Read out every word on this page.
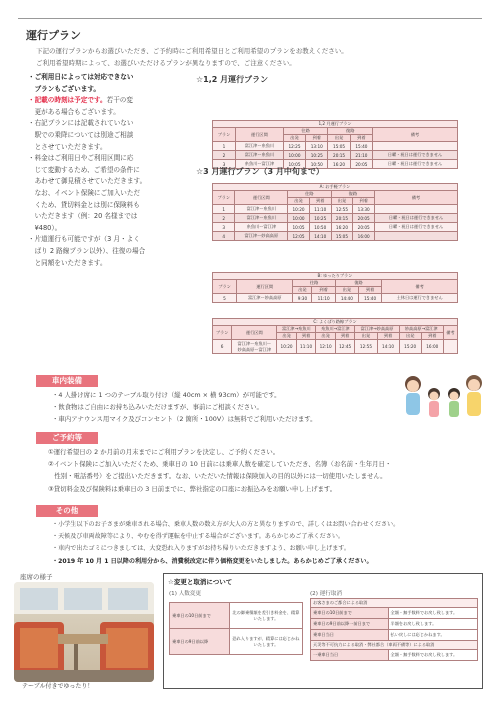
運行プラン
下記の運行プランからお選びいただき、ご予約時にご利用希望日とご利用希望のプランをお教えください。
ご利用希望時期によって、お選びいただけるプランが異なりますので、ご注意ください。

・ご利用日によっては対応できない

　プランもございます。

・記載の時刻は予定です。若干の変

　更がある場合もございます。

・右記プランには記載されていない

　駅での乗降については別途ご相談

　とさせていただきます。

・料金はご利用日やご利用区間に応

　じて変動するため、ご希望の条件に

　あわせて御見積させていただきます。

　なお、イベント保険にご加入いただ

　くため、貸切料金とは別に保険料も

　いただきます（例：20 名様までは

　¥480）。

・片道運行も可能ですが（3 月・よく

　ばり 2 路線プラン以外）、往復の場合

　と同額をいただきます。

☆1,2 月運行プラン
1,2 月運行プラン						
プラン	運行区間	往路		復路		備考
		出発	到着	出発	到着	
1	富江津ー糸魚川	12:25	13:10	15:05	15:40	
2	富江津ー糸魚川	10:00	10:25	20:15	21:10	日曜・祝日は運行できません
3	糸魚川ー富江津	10:05	10:50	16:20	20:05	日曜・祝日は運行できません
☆3 月運行プラン（3 月中旬まで）
A: お手軽プラン						
プラン	運行区間	往路		復路		備考
		出発	到着	出発	到着	
1	富江津ー糸魚川	10:20	11:10	12:55	13:30	
2	富江津ー糸魚川	10:00	10:25	20:15	20:05	日曜・祝日は運行できません
3	糸魚川ー富江津	10:05	10:50	16:20	20:05	日曜・祝日は運行できません
4	富江津ー妙高高原	12:05	14:10	15:05	16:00	
B: ゆったりプラン						
プラン	運行区間	往路		復路		備考
		出発	到着	出発	到着	
5	富江津ー妙高高原	9:30	11:10	14:40	15:40	土休日は運行できません
C: よくばり路線プラン										
プラン	運行区間	富江津→糸魚川		糸魚川→富江津		富江津→妙高高原		妙高高原→富江津		備考
		出発	到着	出発	到着	出発	到着	出発	到着	
6	富江津ー糸魚川ー
妙高高原ー富江津	10:20	11:10	12:10	12:45	12:55	14:10	15:20	16:00	
車内装備
・4 人掛け席に 1 つのテーブル取り付け（縦 40cm × 横 93cm）が可能です。
・飲食物はご自由にお持ち込みいただけますが、事前にご相談ください。
・車内アナウンス用マイク及びコンセント（2 箇所・100V）は無料でご利用いただけます。
ご予約等
①運行希望日の 2 か月前の月末までにご利用プランを決定し、ご予約ください。
②イベント保険にご加入いただくため、乗車日の 10 日前には乗車人数を確定していただき、名簿（お名前・生年月日・
　性別・電話番号）をご提出いただきます。なお、いただいた情報は保険加入の目的以外には一切使用いたしません。
③貸切料金及び保険料は乗車日の 3 日前までに、弊社指定の口座にお振込みをお願い申し上げます。
その他
・小学生以下のお子さまが乗車される場合、乗車人数の数え方が大人の方と異なりますので、詳しくはお問い合わせください。
・天候及び車両故障等により、やむを得ず運転を中止する場合がございます。あらかじめご了承ください。
・車内で出たゴミにつきましては、大変恐れ入りますがお持ち帰りいただきますよう、お願い申し上げます。
・2019 年 10 月 1 日以降の利用分から、消費税改定に伴う価格変更をいたしました。あらかじめご了承ください。
座席の様子
テーブル付きでゆったり！
☆変更と取消について
(1) 人数変更	(2) 運行取消
乗車日の10日前まで	北の御乗積額を差引き料金を、精算いたします。
乗車日の9日前以降	恐れ入りますが、精算には応じかねいたします。
お客さまのご都合による取消	
乗車日の10日前まで	全額・無手数料でお戻し致します。
乗車日の9日前以降一前日まで	半額をお戻し致します。
乗車日当日	払い戻しには応じかねます。
天災等不可抗力による取消・弊社都合（車両不備等）による取消	
一乗車日当日	全額・無手数料でお戻し致します。
